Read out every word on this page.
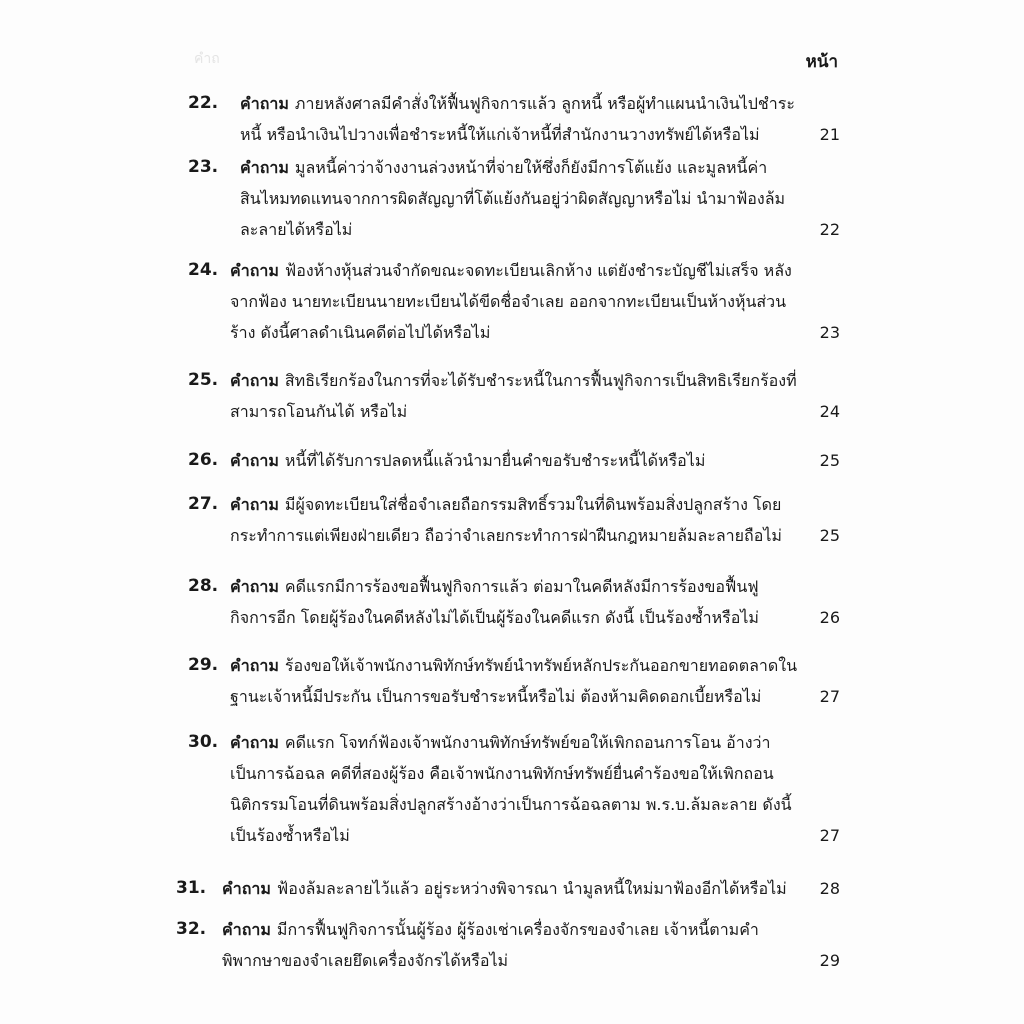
คำถ	หน้า
22.	คำถาม ภายหลังศาลมีคำสั่งให้ฟื้นฟูกิจการแล้ว ลูกหนี้ หรือผู้ทำแผนนำเงินไปชำระหนี้ หรือนำเงินไปวางเพื่อชำระหนี้ให้แก่เจ้าหนี้ที่สำนักงานวางทรัพย์ได้หรือไม่	21
23.	คำถาม มูลหนี้ค่าว่าจ้างงานล่วงหน้าที่จ่ายให้ซึ่งก็ยังมีการโต้แย้ง และมูลหนี้ค่าสินไหมทดแทนจากการผิดสัญญาที่โต้แย้งกันอยู่ว่าผิดสัญญาหรือไม่ นำมาฟ้องล้มละลายได้หรือไม่	22
24. คำถาม ฟ้องห้างหุ้นส่วนจำกัดขณะจดทะเบียนเลิกห้าง แต่ยังชำระบัญชีไม่เสร็จ หลังจากฟ้อง นายทะเบียนนายทะเบียนได้ขีดชื่อจำเลย ออกจากทะเบียนเป็นห้างหุ้นส่วนร้าง ดังนี้ศาลดำเนินคดีต่อไปได้หรือไม่	23
25. คำถาม สิทธิเรียกร้องในการที่จะได้รับชำระหนี้ในการฟื้นฟูกิจการเป็นสิทธิเรียกร้องที่สามารถโอนกันได้ หรือไม่	24
26. คำถาม หนี้ที่ได้รับการปลดหนี้แล้วนำมายื่นคำขอรับชำระหนี้ได้หรือไม่	25
27. คำถาม มีผู้จดทะเบียนใส่ชื่อจำเลยถือกรรมสิทธิ์รวมในที่ดินพร้อมสิ่งปลูกสร้าง โดยกระทำการแต่เพียงฝ่ายเดียว ถือว่าจำเลยกระทำการฝ่าฝืนกฎหมายล้มละลายถือไม่ 25
28. คำถาม คดีแรกมีการร้องขอฟื้นฟูกิจการแล้ว ต่อมาในคดีหลังมีการร้องขอฟื้นฟูกิจการอีก โดยผู้ร้องในคดีหลังไม่ได้เป็นผู้ร้องในคดีแรก ดังนี้ เป็นร้องซ้ำหรือไม่	26
29. คำถาม ร้องขอให้เจ้าพนักงานพิทักษ์ทรัพย์นำทรัพย์หลักประกันออกขายทอดตลาดในฐานะเจ้าหนี้มีประกัน เป็นการขอรับชำระหนี้หรือไม่ ต้องห้ามคิดดอกเบี้ยหรือไม่	27
30. คำถาม คดีแรก โจทก์ฟ้องเจ้าพนักงานพิทักษ์ทรัพย์ขอให้เพิกถอนการโอน อ้างว่าเป็นการฉ้อฉล คดีที่สองผู้ร้อง คือเจ้าพนักงานพิทักษ์ทรัพย์ยื่นคำร้องขอให้เพิกถอนนิติกรรมโอนที่ดินพร้อมสิ่งปลูกสร้างอ้างว่าเป็นการฉ้อฉลตาม พ.ร.บ.ล้มละลาย ดังนี้เป็นร้องซ้ำหรือไม่	27
31. คำถาม ฟ้องล้มละลายไว้แล้ว อยู่ระหว่างพิจารณา นำมูลหนี้ใหม่มาฟ้องอีกได้หรือไม่ 28
32. คำถาม มีการฟื้นฟูกิจการนั้นผู้ร้อง ผู้ร้องเช่าเครื่องจักรของจำเลย เจ้าหนี้ตามคำพิพากษาของจำเลยยึดเครื่องจักรได้หรือไม่	29
